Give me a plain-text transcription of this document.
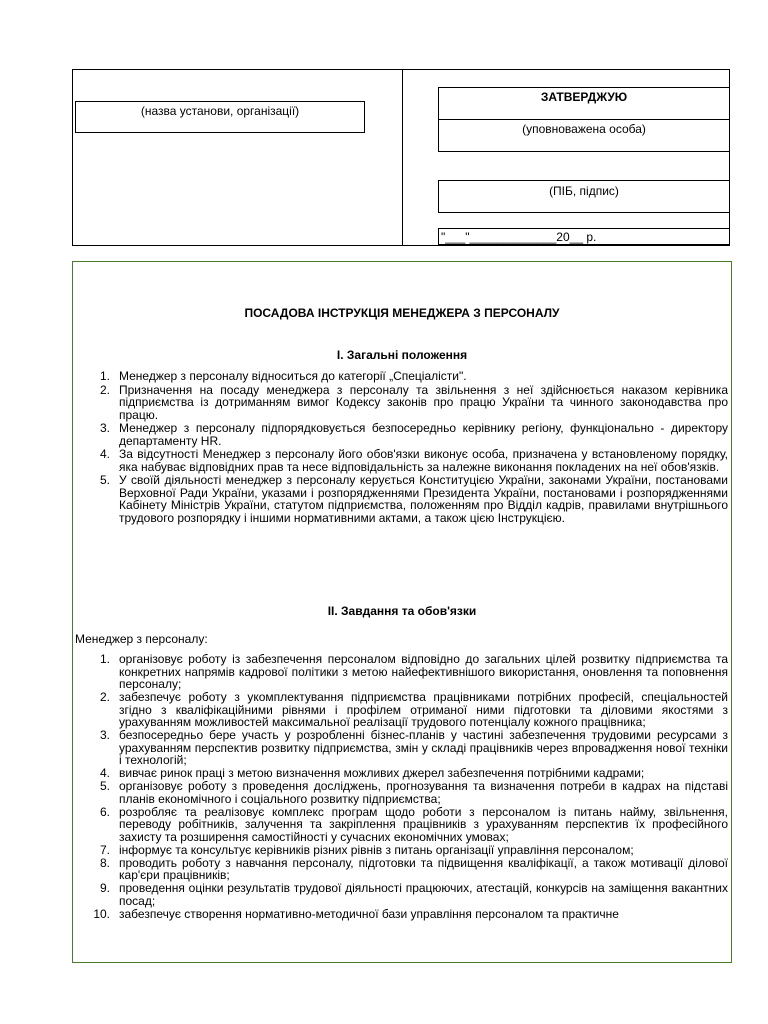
(назва установи, організації)
ЗАТВЕРДЖУЮ
(уповноважена особа)
(ПІБ, підпис)
"___"_____________20__ р.
ПОСАДОВА ІНСТРУКЦІЯ МЕНЕДЖЕРА З ПЕРСОНАЛУ
І. Загальні положення
1. Менеджер з персоналу відноситься до категорії „Спеціалісти".
2. Призначення на посаду менеджера з персоналу та звільнення з неї здійснюється наказом керівника підприємства із дотриманням вимог Кодексу законів про працю України та чинного законодавства про працю.
3. Менеджер з персоналу підпорядковується безпосередньо керівнику регіону, функціонально - директору департаменту HR.
4. За відсутності Менеджер з персоналу його обов'язки виконує особа, призначена у встановленому порядку, яка набуває відповідних прав та несе відповідальність за належне виконання покладених на неї обов'язків.
5. У своїй діяльності менеджер з персоналу керується Конституцією України, законами України, постановами Верховної Ради України, указами і розпорядженнями Президента України, постановами і розпорядженнями Кабінету Міністрів України, статутом підприємства, положенням про Відділ кадрів, правилами внутрішнього трудового розпорядку і іншими нормативними актами, а також цією Інструкцією.
ІІ. Завдання та обов'язки
Менеджер з персоналу:
1. організовує роботу із забезпечення персоналом відповідно до загальних цілей розвитку підприємства та конкретних напрямів кадрової політики з метою найефективнішого використання, оновлення та поповнення персоналу;
2. забезпечує роботу з укомплектування підприємства працівниками потрібних професій, спеціальностей згідно з кваліфікаційними рівнями і профілем отриманої ними підготовки та діловими якостями з урахуванням можливостей максимальної реалізації трудового потенціалу кожного працівника;
3. безпосередньо бере участь у розробленні бізнес-планів у частині забезпечення трудовими ресурсами з урахуванням перспектив розвитку підприємства, змін у складі працівників через впровадження нової техніки і технологій;
4. вивчає ринок праці з метою визначення можливих джерел забезпечення потрібними кадрами;
5. організовує роботу з проведення досліджень, прогнозування та визначення потреби в кадрах на підставі планів економічного і соціального розвитку підприємства;
6. розробляє та реалізовує комплекс програм щодо роботи з персоналом із питань найму, звільнення, переводу робітників, залучення та закріплення працівників з урахуванням перспектив їх професійного захисту та розширення самостійності у сучасних економічних умовах;
7. інформує та консультує керівників різних рівнів з питань організації управління персоналом;
8. проводить роботу з навчання персоналу, підготовки та підвищення кваліфікації, а також мотивації ділової кар'єри працівників;
9. проведення оцінки результатів трудової діяльності працюючих, атестацій, конкурсів на заміщення вакантних посад;
10. забезпечує створення нормативно-методичної бази управління персоналом та практичне
